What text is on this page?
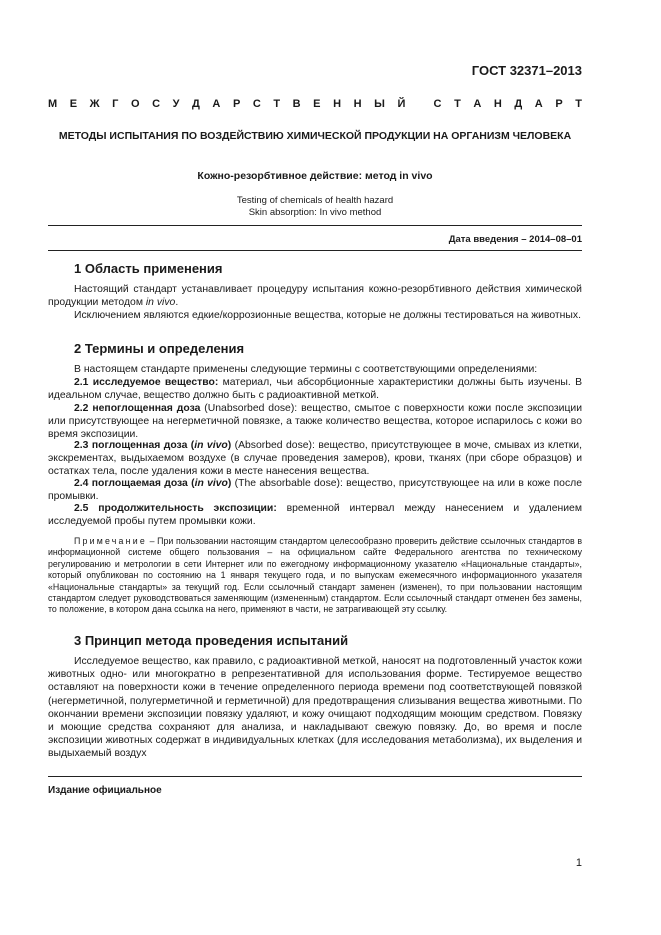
ГОСТ 32371–2013
М Е Ж Г О С У Д А Р С Т В Е Н Н Ы Й
	С Т А Н Д А Р Т
МЕТОДЫ ИСПЫТАНИЯ ПО ВОЗДЕЙСТВИЮ ХИМИЧЕСКОЙ ПРОДУКЦИИ НА ОРГАНИЗМ ЧЕЛОВЕКА
Кожно-резорбтивное действие: метод in vivo
Testing of chemicals of health hazard
Skin absorption: In vivo method
Дата введения – 2014–08–01
1 Область применения
Настоящий стандарт устанавливает процедуру испытания кожно-резорбтивного действия химической продукции методом in vivo.
Исключением являются едкие/коррозионные вещества, которые не должны тестироваться на животных.
2 Термины и определения
В настоящем стандарте применены следующие термины с соответствующими определениями:
2.1 исследуемое вещество: материал, чьи абсорбционные характеристики должны быть изучены. В идеальном случае, вещество должно быть с радиоактивной меткой.
2.2 непоглощенная доза (Unabsorbed dose): вещество, смытое с поверхности кожи после экспозиции или присутствующее на негерметичной повязке, а также количество вещества, которое испарилось с кожи во время экспозиции.
2.3 поглощенная доза (in vivo) (Absorbed dose): вещество, присутствующее в моче, смывах из клетки, экскрементах, выдыхаемом воздухе (в случае проведения замеров), крови, тканях (при сборе образцов) и остатках тела, после удаления кожи в месте нанесения вещества.
2.4 поглощаемая доза (in vivo) (The absorbable dose): вещество, присутствующее на или в коже после промывки.
2.5 продолжительность экспозиции: временной интервал между нанесением и удалением исследуемой пробы путем промывки кожи.
Примечание – При пользовании настоящим стандартом целесообразно проверить действие ссылочных стандартов в информационной системе общего пользования – на официальном сайте Федерального агентства по техническому регулированию и метрологии в сети Интернет или по ежегодному информационному указателю «Национальные стандарты», который опубликован по состоянию на 1 января текущего года, и по выпускам ежемесячного информационного указателя «Национальные стандарты» за текущий год. Если ссылочный стандарт заменен (изменен), то при пользовании настоящим стандартом следует руководствоваться заменяющим (измененным) стандартом. Если ссылочный стандарт отменен без замены, то положение, в котором дана ссылка на него, применяют в части, не затрагивающей эту ссылку.
3 Принцип метода проведения испытаний
Исследуемое вещество, как правило, с радиоактивной меткой, наносят на подготовленный участок кожи животных одно- или многократно в репрезентативной для использования форме. Тестируемое вещество оставляют на поверхности кожи в течение определенного периода времени под соответствующей повязкой (негерметичной, полугерметичной и герметичной) для предотвращения слизывания вещества животными. По окончании времени экспозиции повязку удаляют, и кожу очищают подходящим моющим средством. Повязку и моющие средства сохраняют для анализа, и накладывают свежую повязку. До, во время и после экспозиции животных содержат в индивидуальных клетках (для исследования метаболизма), их выделения и выдыхаемый воздух
Издание официальное
1
